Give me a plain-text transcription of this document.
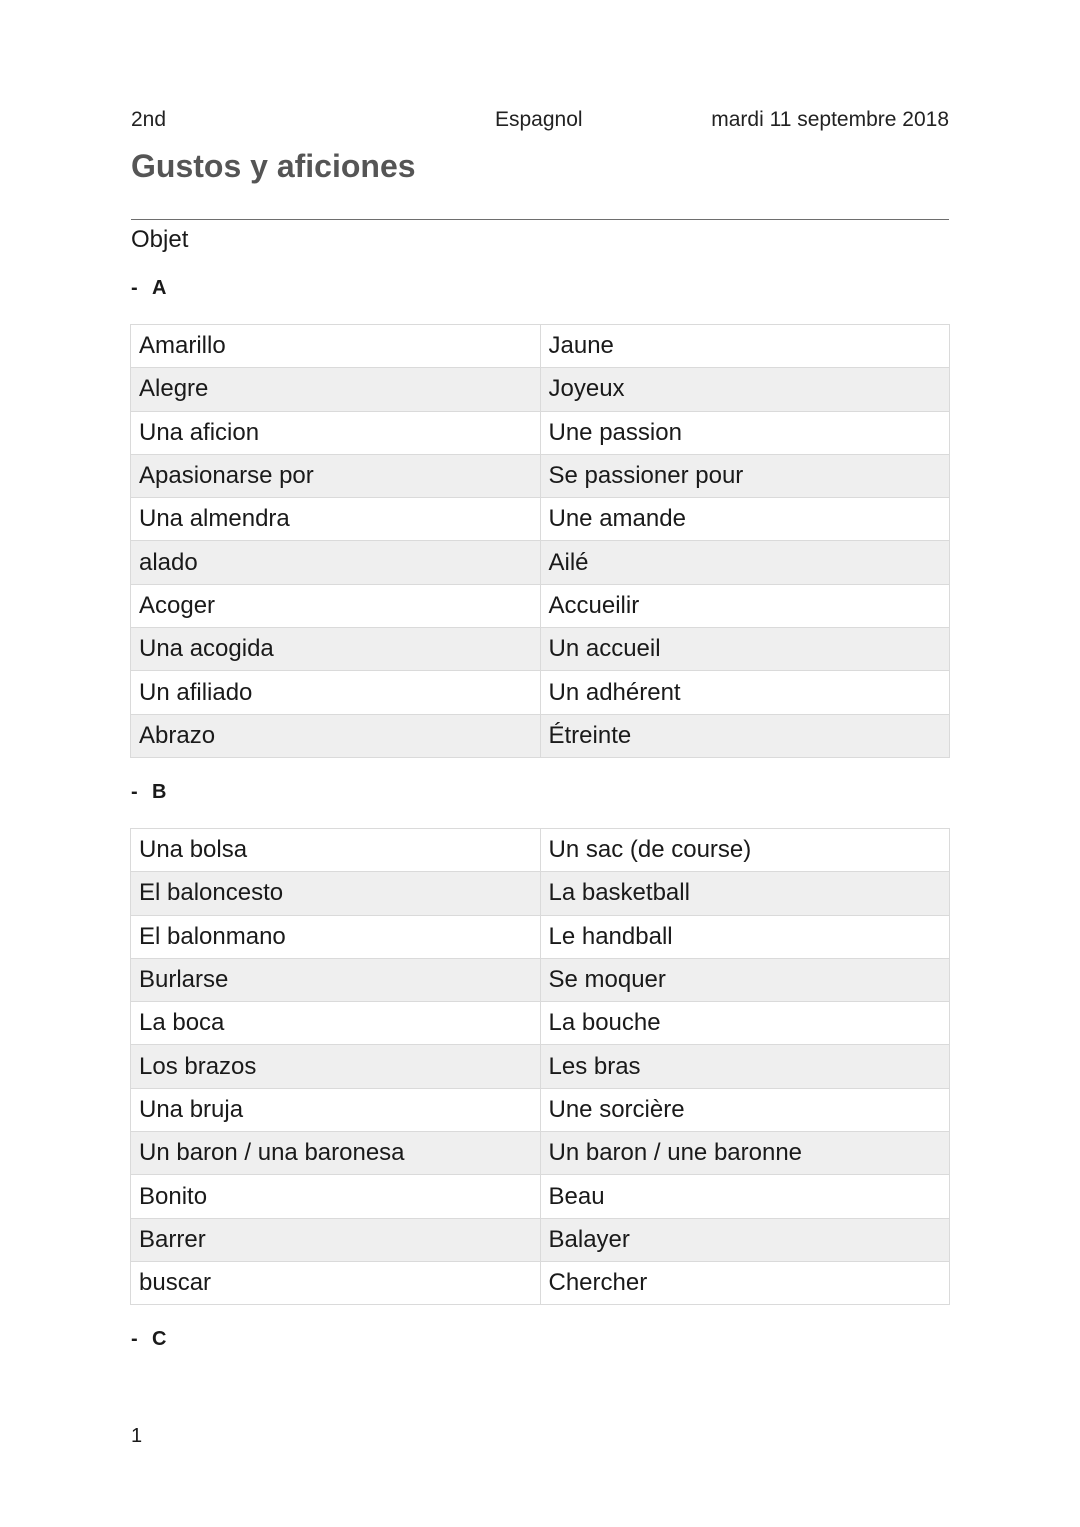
2nd	Espagnol	mardi 11 septembre 2018
Gustos y aficiones
Objet
- A
Amarillo	Jaune
Alegre	Joyeux
Una aficion	Une passion
Apasionarse por	Se passioner pour
Una almendra	Une amande
alado	Ailé
Acoger	Accueilir
Una acogida	Un accueil
Un afiliado	Un adhérent
Abrazo	Étreinte
- B
Una bolsa	Un sac (de course)
El baloncesto	La basketball
El balonmano	Le handball
Burlarse	Se moquer
La boca	La bouche
Los brazos	Les bras
Una bruja	Une sorcière
Un baron / una baronesa	Un baron / une baronne
Bonito	Beau
Barrer	Balayer
buscar	Chercher
- C
1
